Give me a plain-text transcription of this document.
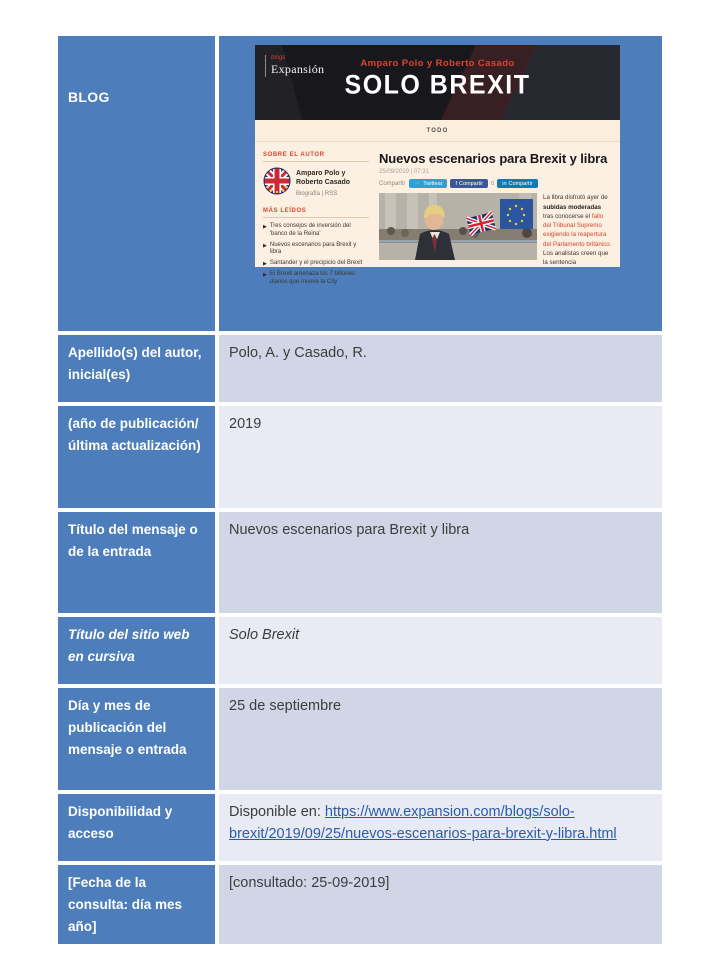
BLOG
blogs
Expansión	Amparo Polo y Roberto Casado
SOLO BREXIT
TODO
SOBRE EL AUTOR
Amparo Polo y Roberto Casado
Biografía | RSS
MÁS LEÍDOS
▶ Tres consejos de inversión del 'banco de la Reina'
▶ Nuevos escenarios para Brexit y libra
▶ Santander y el precipicio del Brexit
▶ El Brexit amenaza los 7 billones diarios que mueve la City
Nuevos escenarios para Brexit y libra
25/09/2019 | 07:31
Compartir 🐦 Twittear f Compartir 0 in Compartir
La libra disfrutó ayer de subidas moderadas tras conocerse el fallo del Tribunal Supremo exigiendo la reapertura del Parlamento británico. Los analistas creen que la sentencia
Apellido(s) del autor, inicial(es)
Polo, A. y Casado, R.
(año de publicación/última actualización)
2019
Título del mensaje o de la entrada
Nuevos escenarios para Brexit y libra
Título del sitio web en cursiva
Solo Brexit
Día y mes de publicación del mensaje o entrada
25 de septiembre
Disponibilidad y acceso
Disponible en: https://www.expansion.com/blogs/solo-brexit/2019/09/25/nuevos-escenarios-para-brexit-y-libra.html
[Fecha de la consulta: día mes año]
[consultado: 25-09-2019]
